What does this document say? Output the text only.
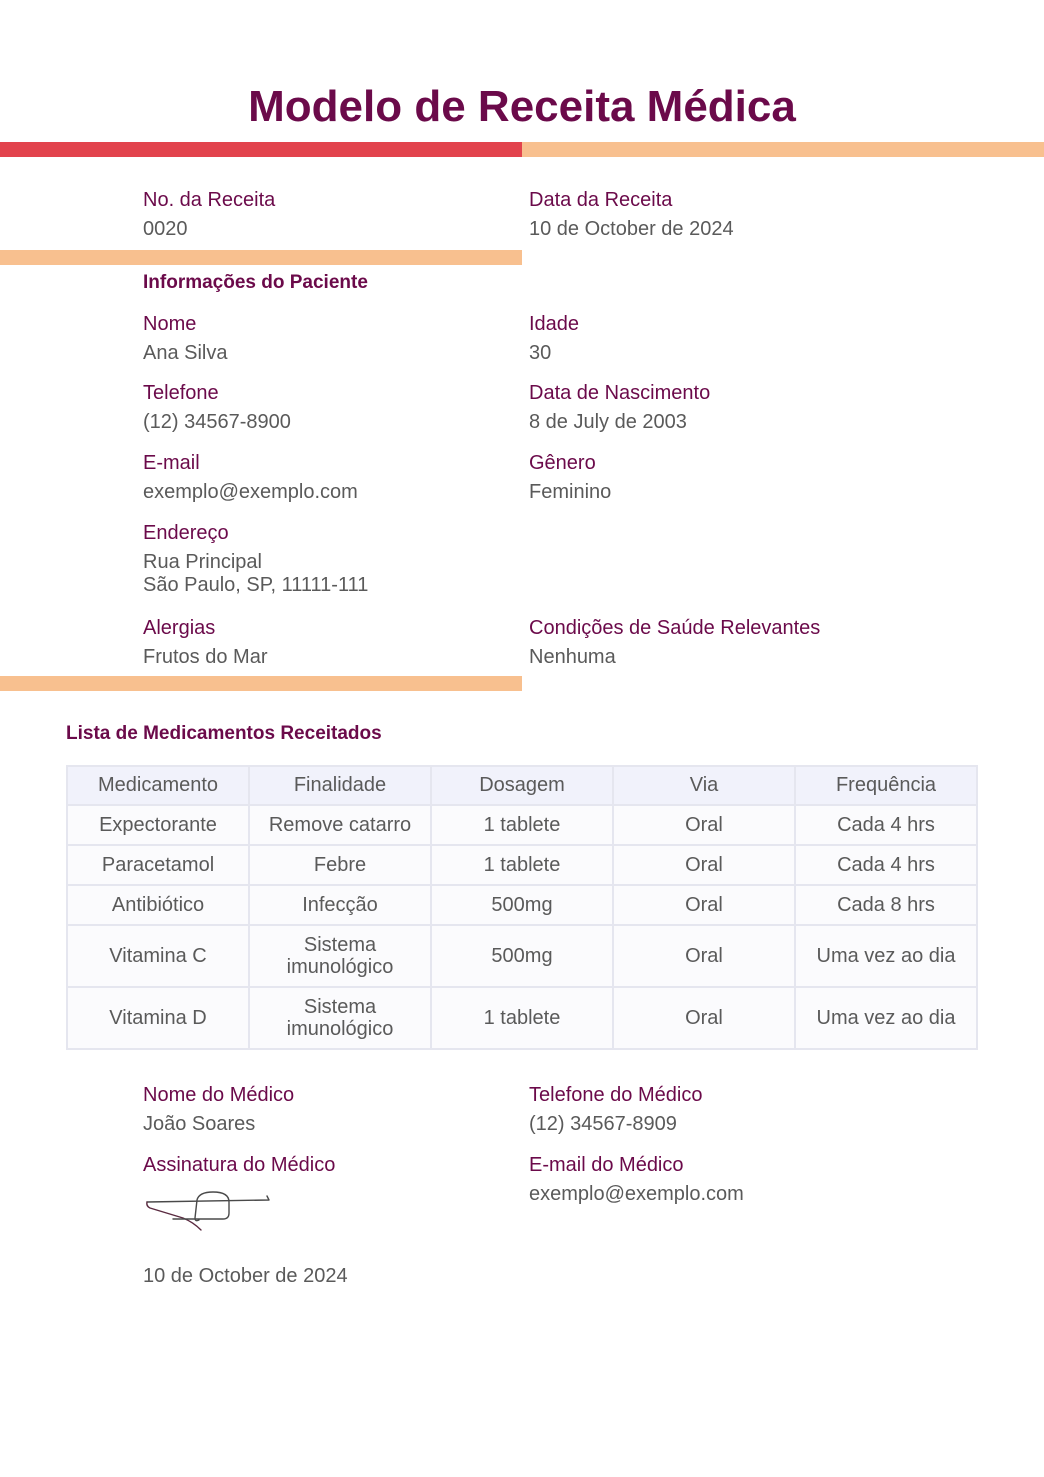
Modelo de Receita Médica
No. da Receita
0020
Data da Receita
10 de October de 2024
Informações do Paciente
Nome
Ana Silva
Idade
30
Telefone
(12) 34567-8900
Data de Nascimento
8 de July de 2003
E-mail
exemplo@exemplo.com
Gênero
Feminino
Endereço
Rua Principal
São Paulo, SP, 11111-111
Alergias
Frutos do Mar
Condições de Saúde Relevantes
Nenhuma
Lista de Medicamentos Receitados
Medicamento	Finalidade	Dosagem	Via	Frequência
Expectorante	Remove catarro	1 tablete	Oral	Cada 4 hrs
Paracetamol	Febre	1 tablete	Oral	Cada 4 hrs
Antibiótico	Infecção	500mg	Oral	Cada 8 hrs
Vitamina C	Sistema
imunológico	500mg	Oral	Uma vez ao dia
Vitamina D	Sistema
imunológico	1 tablete	Oral	Uma vez ao dia
Nome do Médico
João Soares
Telefone do Médico
(12) 34567-8909
Assinatura do Médico	E-mail do Médico
exemplo@exemplo.com
10 de October de 2024
